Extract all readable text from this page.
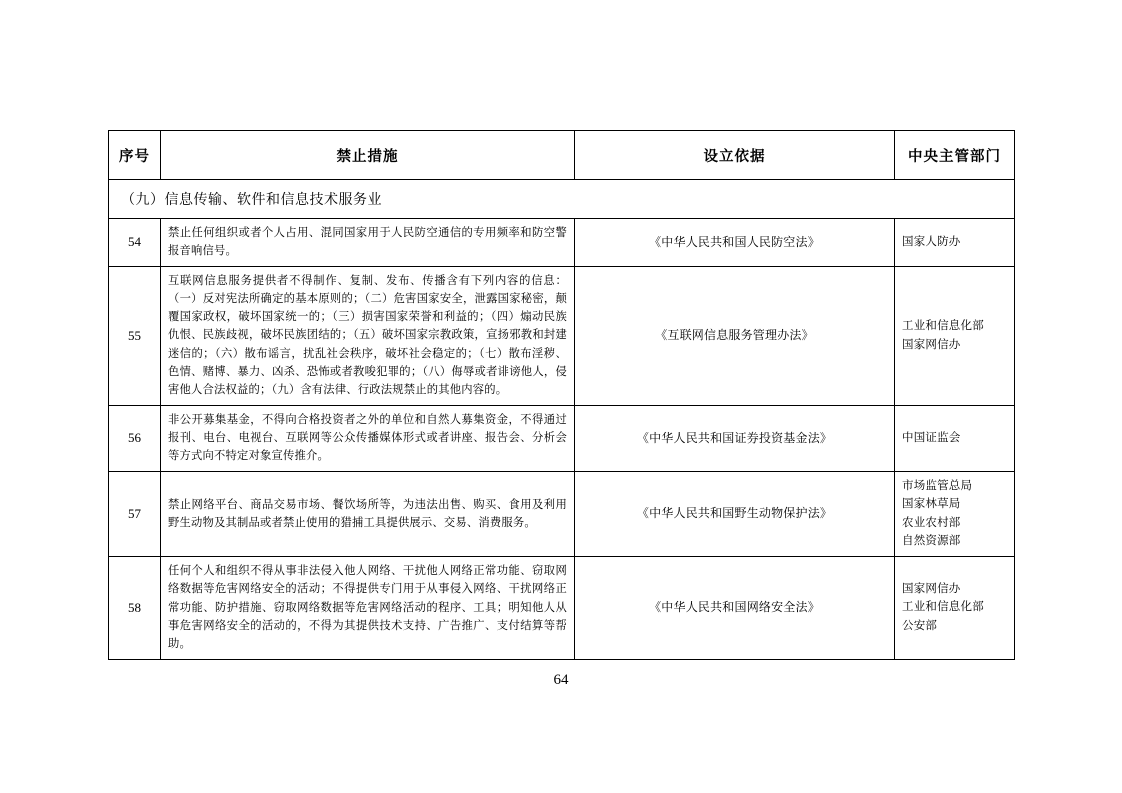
序号	禁止措施	设立依据	中央主管部门
（九）信息传输、软件和信息技术服务业			
54	禁止任何组织或者个人占用、混同国家用于人民防空通信的专用频率和防空警报音响信号。	《中华人民共和国人民防空法》	国家人防办

55	互联网信息服务提供者不得制作、复制、发布、传播含有下列内容的信息：（一）反对宪法所确定的基本原则的；（二）危害国家安全，泄露国家秘密，颠覆国家政权，破坏国家统一的；（三）损害国家荣誉和利益的；（四）煽动民族仇恨、民族歧视，破坏民族团结的；（五）破坏国家宗教政策，宣扬邪教和封建迷信的；（六）散布谣言，扰乱社会秩序，破坏社会稳定的；（七）散布淫秽、色情、赌博、暴力、凶杀、恐怖或者教唆犯罪的；（八）侮辱或者诽谤他人，侵害他人合法权益的；（九）含有法律、行政法规禁止的其他内容的。	《互联网信息服务管理办法》	工业和信息化部
国家网信办

56	非公开募集基金，不得向合格投资者之外的单位和自然人募集资金，不得通过报刊、电台、电视台、互联网等公众传播媒体形式或者讲座、报告会、分析会等方式向不特定对象宣传推介。	《中华人民共和国证券投资基金法》	中国证监会

57	禁止网络平台、商品交易市场、餐饮场所等，为违法出售、购买、食用及利用野生动物及其制品或者禁止使用的猎捕工具提供展示、交易、消费服务。	《中华人民共和国野生动物保护法》	市场监管总局
国家林草局
农业农村部
自然资源部

58	任何个人和组织不得从事非法侵入他人网络、干扰他人网络正常功能、窃取网络数据等危害网络安全的活动；不得提供专门用于从事侵入网络、干扰网络正常功能、防护措施、窃取网络数据等危害网络活动的程序、工具；明知他人从事危害网络安全的活动的，不得为其提供技术支持、广告推广、支付结算等帮助。	《中华人民共和国网络安全法》	国家网信办
工业和信息化部
公安部
64
